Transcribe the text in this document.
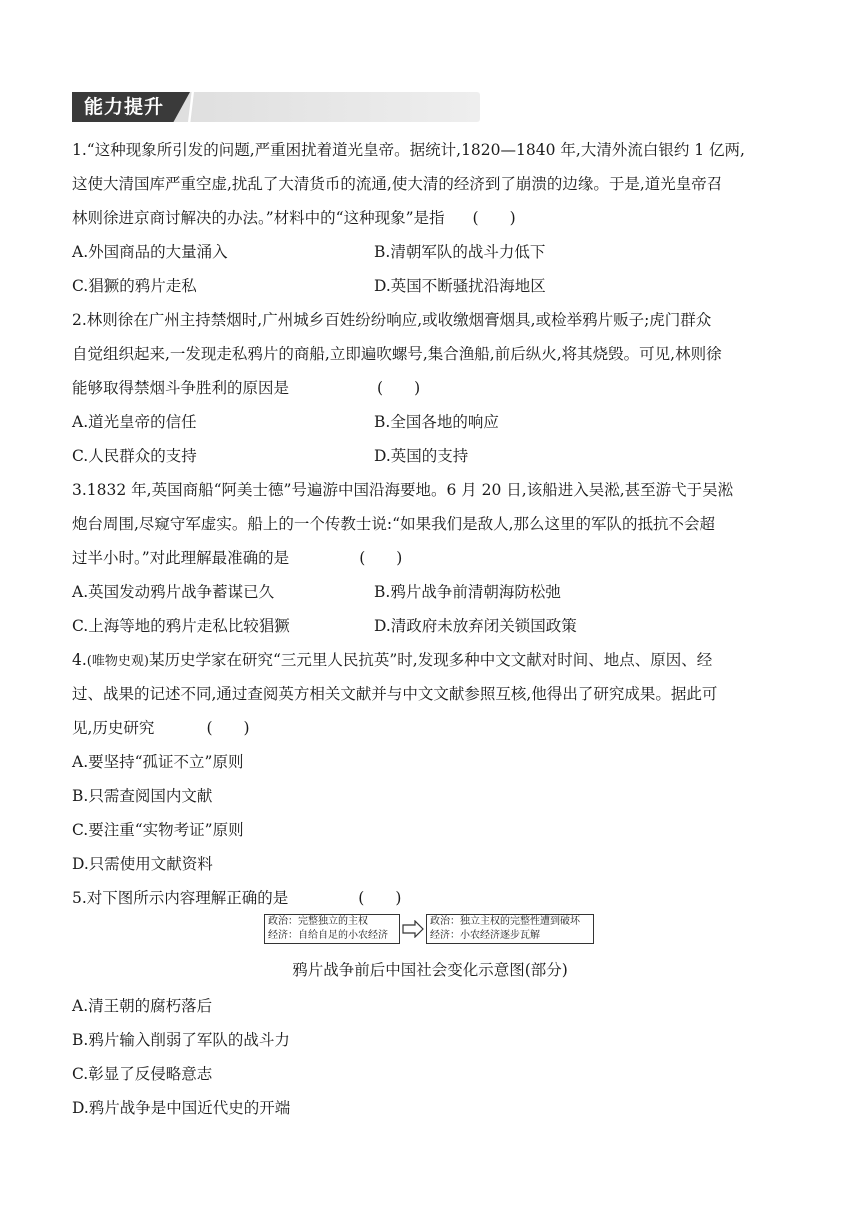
能力提升
1.“这种现象所引发的问题,严重困扰着道光皇帝。据统计,1820—1840 年,大清外流白银约 1 亿两,
这使大清国库严重空虚,扰乱了大清货币的流通,使大清的经济到了崩溃的边缘。于是,道光皇帝召
林则徐进京商讨解决的办法。”材料中的“这种现象”是指 (　　)
A.外国商品的大量涌入	B.清朝军队的战斗力低下
C.猖獗的鸦片走私	D.英国不断骚扰沿海地区
2.林则徐在广州主持禁烟时,广州城乡百姓纷纷响应,或收缴烟膏烟具,或检举鸦片贩子;虎门群众
自觉组织起来,一发现走私鸦片的商船,立即遍吹螺号,集合渔船,前后纵火,将其烧毁。可见,林则徐
能够取得禁烟斗争胜利的原因是	(　　)
A.道光皇帝的信任	B.全国各地的响应
C.人民群众的支持	D.英国的支持
3.1832 年,英国商船“阿美士德”号遍游中国沿海要地。6 月 20 日,该船进入吴淞,甚至游弋于吴淞
炮台周围,尽窥守军虚实。船上的一个传教士说:“如果我们是敌人,那么这里的军队的抵抗不会超
过半小时。”对此理解最准确的是	(　　)
A.英国发动鸦片战争蓄谋已久	B.鸦片战争前清朝海防松弛
C.上海等地的鸦片走私比较猖獗	D.清政府未放弃闭关锁国政策
4.(唯物史观)某历史学家在研究“三元里人民抗英”时,发现多种中文文献对时间、地点、原因、经
过、战果的记述不同,通过查阅英方相关文献并与中文文献参照互核,他得出了研究成果。据此可
见,历史研究	(　　)
A.要坚持“孤证不立”原则
B.只需查阅国内文献
C.要注重“实物考证”原则
D.只需使用文献资料
5.对下图所示内容理解正确的是	(　　)
政治：完整独立的主权
经济：自给自足的小农经济
政治：独立主权的完整性遭到破坏
经济：小农经济逐步瓦解
鸦片战争前后中国社会变化示意图(部分)
A.清王朝的腐朽落后
B.鸦片输入削弱了军队的战斗力
C.彰显了反侵略意志
D.鸦片战争是中国近代史的开端
